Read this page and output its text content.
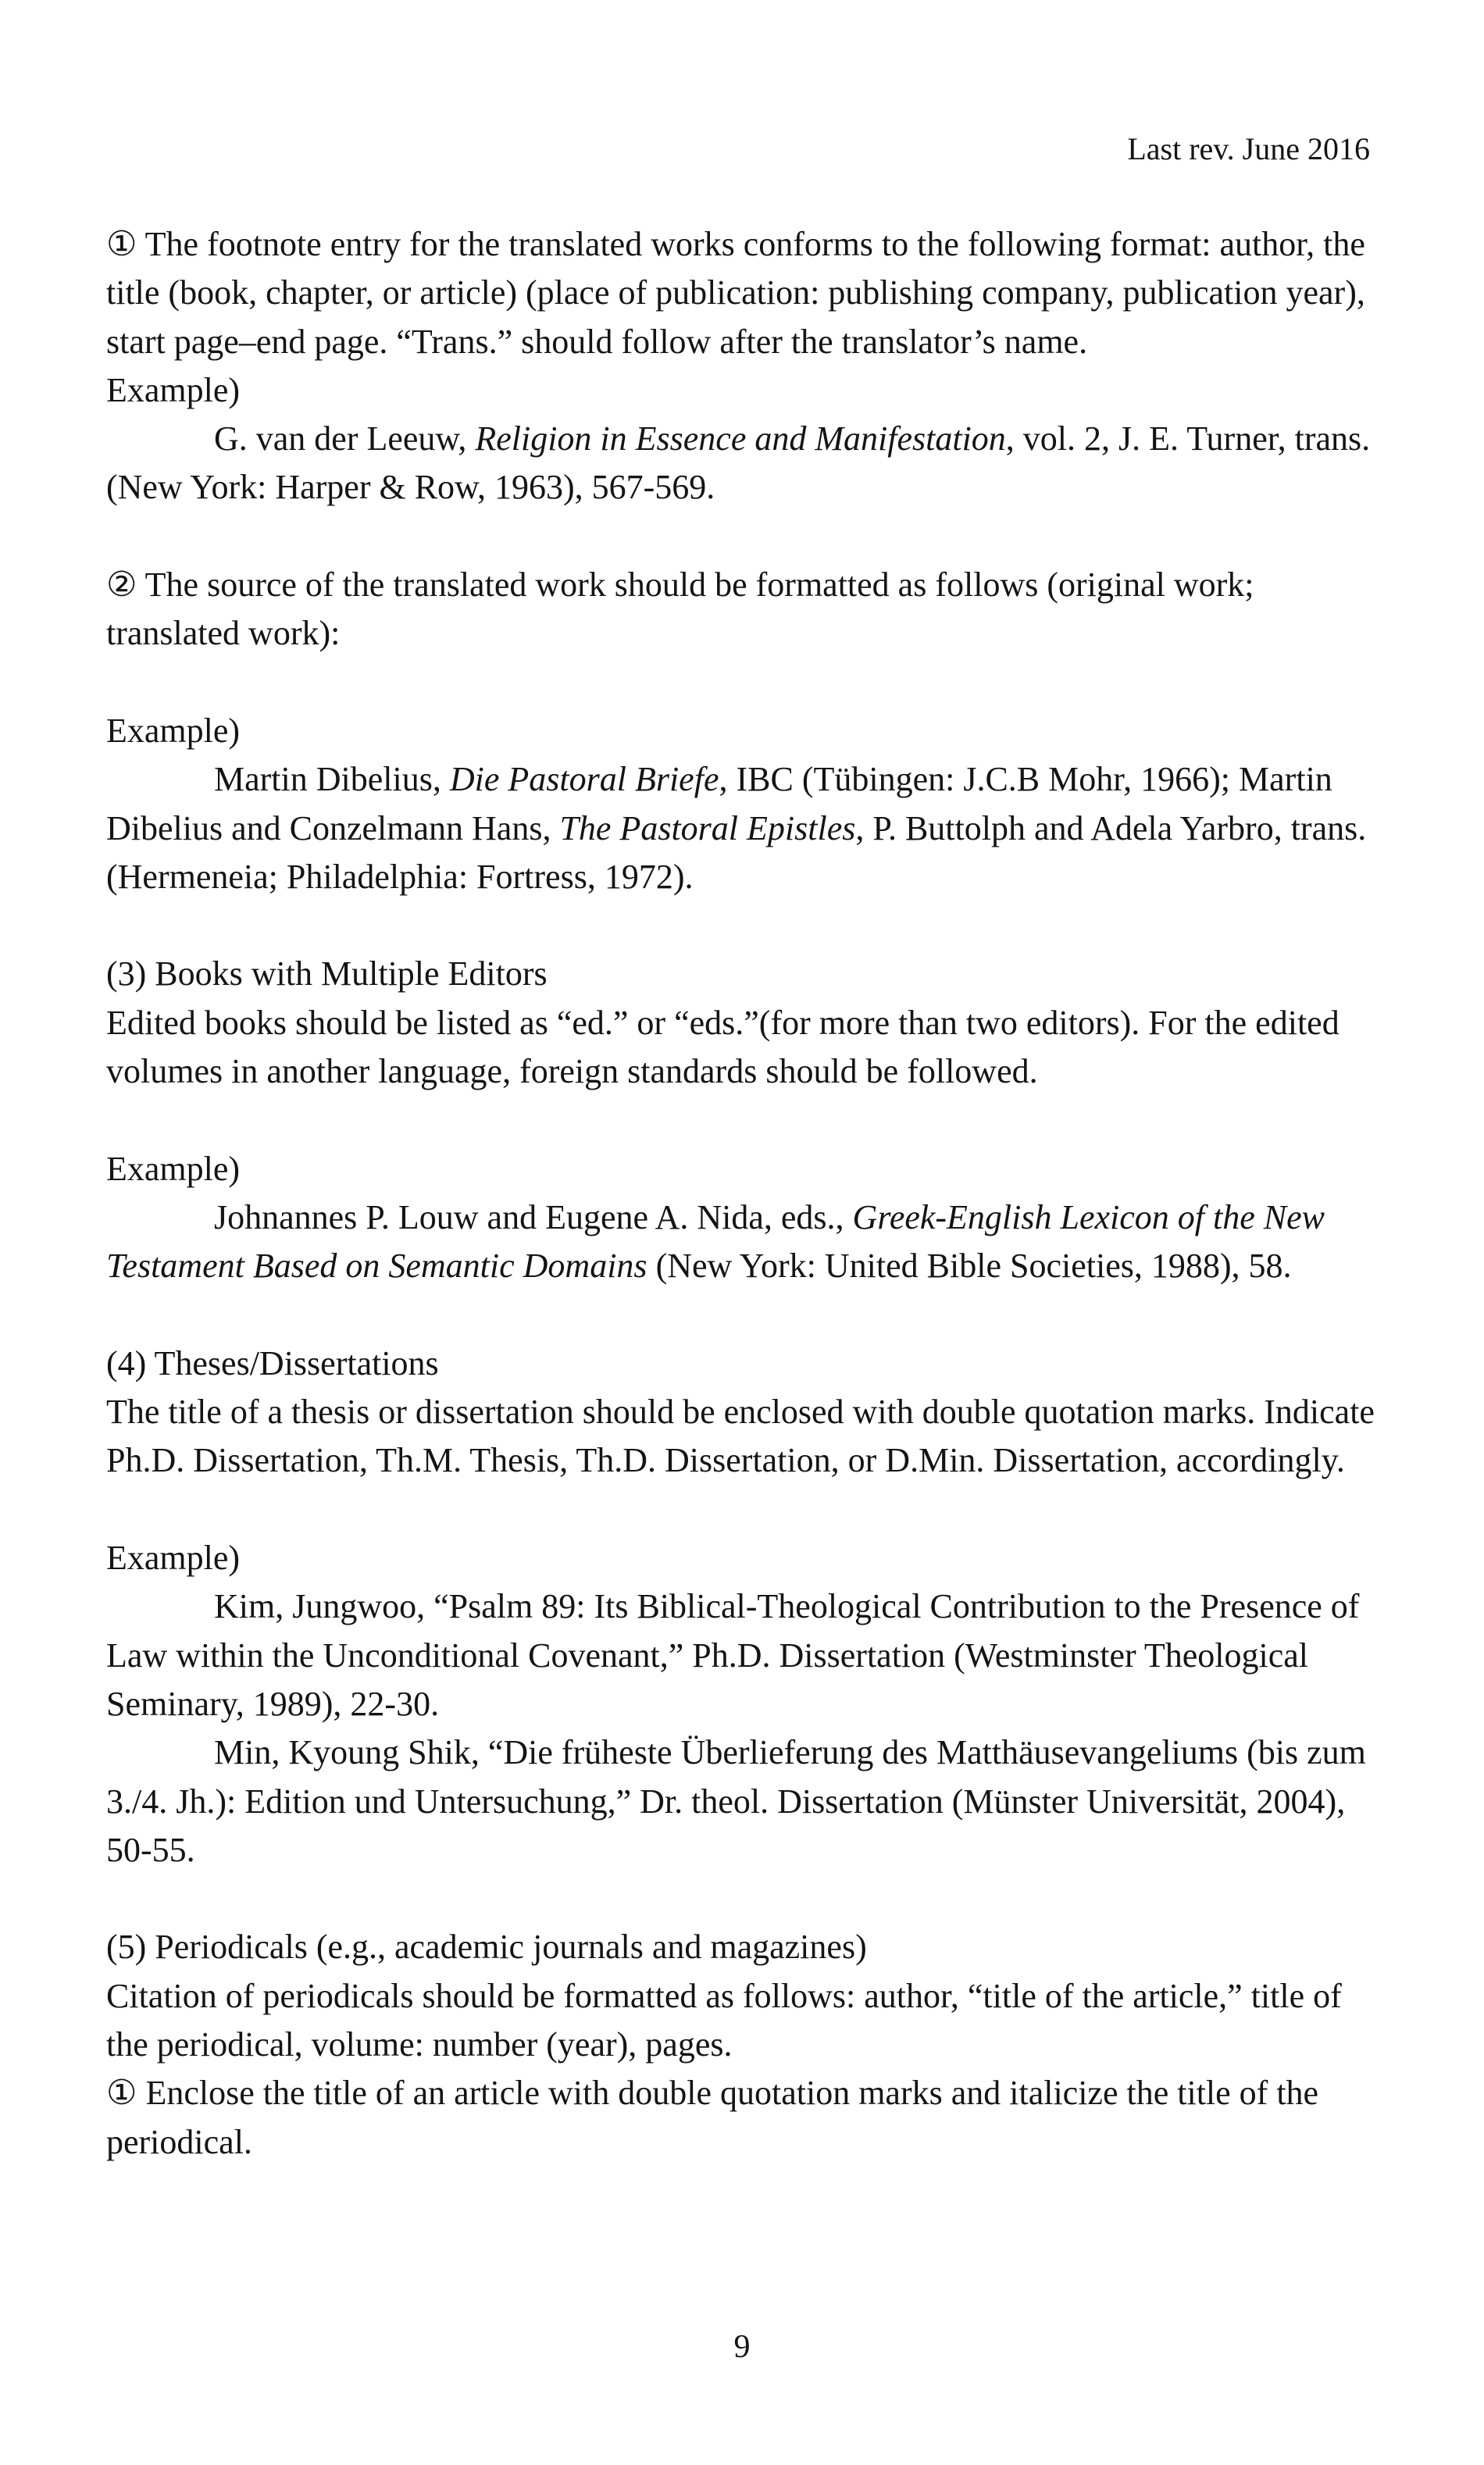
Last rev. June 2016

① The footnote entry for the translated works conforms to the following format: author, the title (book, chapter, or article) (place of publication: publishing company, publication year), start page–end page. “Trans.” should follow after the translator’s name.

Example)

G. van der Leeuw, Religion in Essence and Manifestation, vol. 2, J. E. Turner, trans. (New York: Harper & Row, 1963), 567-569.

② The source of the translated work should be formatted as follows (original work; translated work):

Example)

Martin Dibelius, Die Pastoral Briefe, IBC (Tübingen: J.C.B Mohr, 1966); Martin Dibelius and Conzelmann Hans, The Pastoral Epistles, P. Buttolph and Adela Yarbro, trans. (Hermeneia; Philadelphia: Fortress, 1972).

(3) Books with Multiple Editors

Edited books should be listed as “ed.” or “eds.”(for more than two editors). For the edited volumes in another language, foreign standards should be followed.

Example)

Johnannes P. Louw and Eugene A. Nida, eds., Greek-English Lexicon of the New Testament Based on Semantic Domains (New York: United Bible Societies, 1988), 58.

(4) Theses/Dissertations

The title of a thesis or dissertation should be enclosed with double quotation marks. Indicate Ph.D. Dissertation, Th.M. Thesis, Th.D. Dissertation, or D.Min. Dissertation, accordingly.

Example)

Kim, Jungwoo, “Psalm 89: Its Biblical-Theological Contribution to the Presence of Law within the Unconditional Covenant,” Ph.D. Dissertation (Westminster Theological Seminary, 1989), 22-30.

Min, Kyoung Shik, “Die früheste Überlieferung des Matthäusevangeliums (bis zum 3./4. Jh.): Edition und Untersuchung,” Dr. theol. Dissertation (Münster Universität, 2004), 50-55.

(5) Periodicals (e.g., academic journals and magazines)

Citation of periodicals should be formatted as follows: author, “title of the article,” title of the periodical, volume: number (year), pages.

① Enclose the title of an article with double quotation marks and italicize the title of the periodical.

9
